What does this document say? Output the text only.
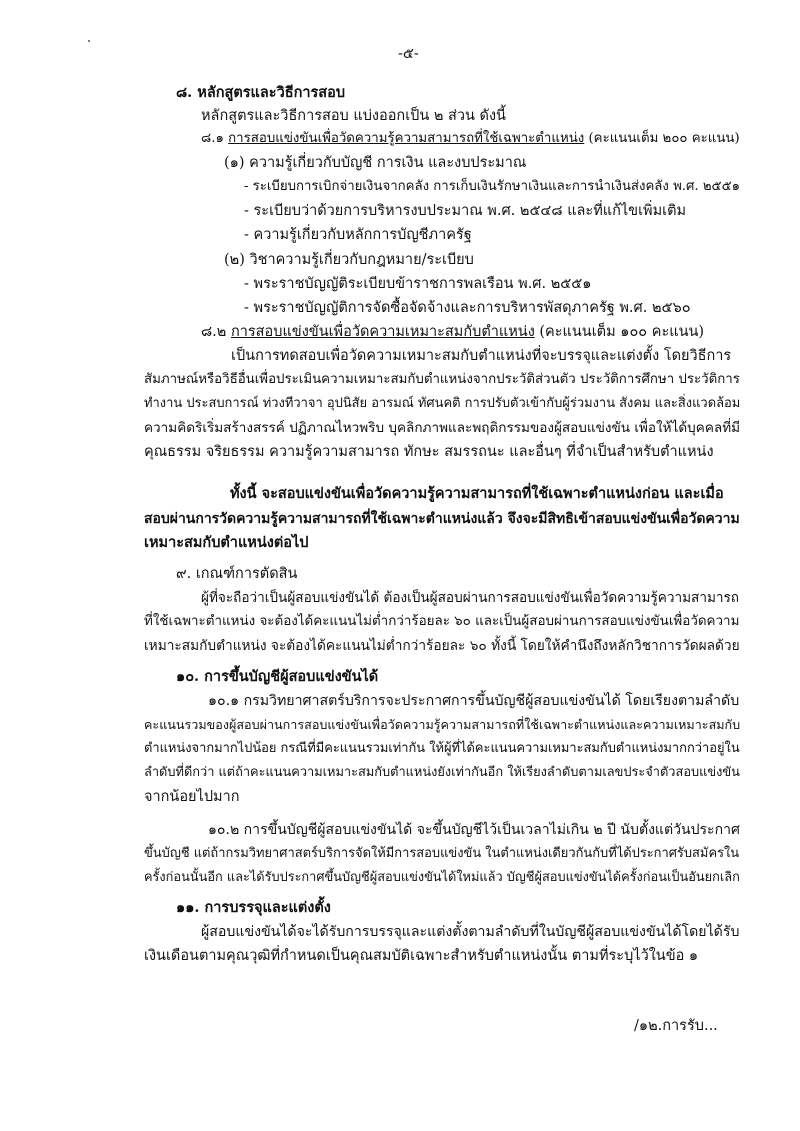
-๕-
๘. หลักสูตรและวิธีการสอบ
หลักสูตรและวิธีการสอบ แบ่งออกเป็น ๒ ส่วน ดังนี้
๘.๑ การสอบแข่งขันเพื่อวัดความรู้ความสามารถที่ใช้เฉพาะตำแหน่ง (คะแนนเต็ม ๒๐๐ คะแนน)
(๑) ความรู้เกี่ยวกับบัญชี การเงิน และงบประมาณ
- ระเบียบการเบิกจ่ายเงินจากคลัง การเก็บเงินรักษาเงินและการนำเงินส่งคลัง พ.ศ. ๒๕๕๑
- ระเบียบว่าด้วยการบริหารงบประมาณ พ.ศ. ๒๕๔๘ และที่แก้ไขเพิ่มเติม
- ความรู้เกี่ยวกับหลักการบัญชีภาครัฐ
(๒) วิชาความรู้เกี่ยวกับกฎหมาย/ระเบียบ
- พระราชบัญญัติระเบียบข้าราชการพลเรือน พ.ศ. ๒๕๕๑
- พระราชบัญญัติการจัดซื้อจัดจ้างและการบริหารพัสดุภาครัฐ พ.ศ. ๒๕๖๐
๘.๒ การสอบแข่งขันเพื่อวัดความเหมาะสมกับตำแหน่ง (คะแนนเต็ม ๑๐๐ คะแนน)
เป็นการทดสอบเพื่อวัดความเหมาะสมกับตำแหน่งที่จะบรรจุและแต่งตั้ง โดยวิธีการ
สัมภาษณ์หรือวิธีอื่นเพื่อประเมินความเหมาะสมกับตำแหน่งจากประวัติส่วนตัว ประวัติการศึกษา ประวัติการ
ทำงาน ประสบการณ์ ท่วงทีวาจา อุปนิสัย อารมณ์ ทัศนคติ การปรับตัวเข้ากับผู้ร่วมงาน สังคม และสิ่งแวดล้อม
ความคิดริเริ่มสร้างสรรค์ ปฏิภาณไหวพริบ บุคลิกภาพและพฤติกรรมของผู้สอบแข่งขัน เพื่อให้ได้บุคคลที่มี
คุณธรรม จริยธรรม ความรู้ความสามารถ ทักษะ สมรรถนะ และอื่นๆ ที่จำเป็นสำหรับตำแหน่ง
ทั้งนี้ จะสอบแข่งขันเพื่อวัดความรู้ความสามารถที่ใช้เฉพาะตำแหน่งก่อน และเมื่อ
สอบผ่านการวัดความรู้ความสามารถที่ใช้เฉพาะตำแหน่งแล้ว จึงจะมีสิทธิเข้าสอบแข่งขันเพื่อวัดความ
เหมาะสมกับตำแหน่งต่อไป
๙. เกณฑ์การตัดสิน
ผู้ที่จะถือว่าเป็นผู้สอบแข่งขันได้ ต้องเป็นผู้สอบผ่านการสอบแข่งขันเพื่อวัดความรู้ความสามารถ
ที่ใช้เฉพาะตำแหน่ง จะต้องได้คะแนนไม่ต่ำกว่าร้อยละ ๖๐ และเป็นผู้สอบผ่านการสอบแข่งขันเพื่อวัดความ
เหมาะสมกับตำแหน่ง จะต้องได้คะแนนไม่ต่ำกว่าร้อยละ ๖๐ ทั้งนี้ โดยให้คำนึงถึงหลักวิชาการวัดผลด้วย
๑๐. การขึ้นบัญชีผู้สอบแข่งขันได้
๑๐.๑ กรมวิทยาศาสตร์บริการจะประกาศการขึ้นบัญชีผู้สอบแข่งขันได้ โดยเรียงตามลำดับ
คะแนนรวมของผู้สอบผ่านการสอบแข่งขันเพื่อวัดความรู้ความสามารถที่ใช้เฉพาะตำแหน่งและความเหมาะสมกับ
ตำแหน่งจากมากไปน้อย กรณีที่มีคะแนนรวมเท่ากัน ให้ผู้ที่ได้คะแนนความเหมาะสมกับตำแหน่งมากกว่าอยู่ใน
ลำดับที่ดีกว่า แต่ถ้าคะแนนความเหมาะสมกับตำแหน่งยังเท่ากันอีก ให้เรียงลำดับตามเลขประจำตัวสอบแข่งขัน
จากน้อยไปมาก
๑๐.๒ การขึ้นบัญชีผู้สอบแข่งขันได้ จะขึ้นบัญชีไว้เป็นเวลาไม่เกิน ๒ ปี นับตั้งแต่วันประกาศ
ขึ้นบัญชี แต่ถ้ากรมวิทยาศาสตร์บริการจัดให้มีการสอบแข่งขัน ในตำแหน่งเดียวกันกับที่ได้ประกาศรับสมัครใน
ครั้งก่อนนั้นอีก และได้รับประกาศขึ้นบัญชีผู้สอบแข่งขันได้ใหม่แล้ว บัญชีผู้สอบแข่งขันได้ครั้งก่อนเป็นอันยกเลิก
๑๑. การบรรจุและแต่งตั้ง
ผู้สอบแข่งขันได้จะได้รับการบรรจุและแต่งตั้งตามลำดับที่ในบัญชีผู้สอบแข่งขันได้โดยได้รับ
เงินเดือนตามคุณวุฒิที่กำหนดเป็นคุณสมบัติเฉพาะสำหรับตำแหน่งนั้น ตามที่ระบุไว้ในข้อ ๑
/๑๒.การรับ...
